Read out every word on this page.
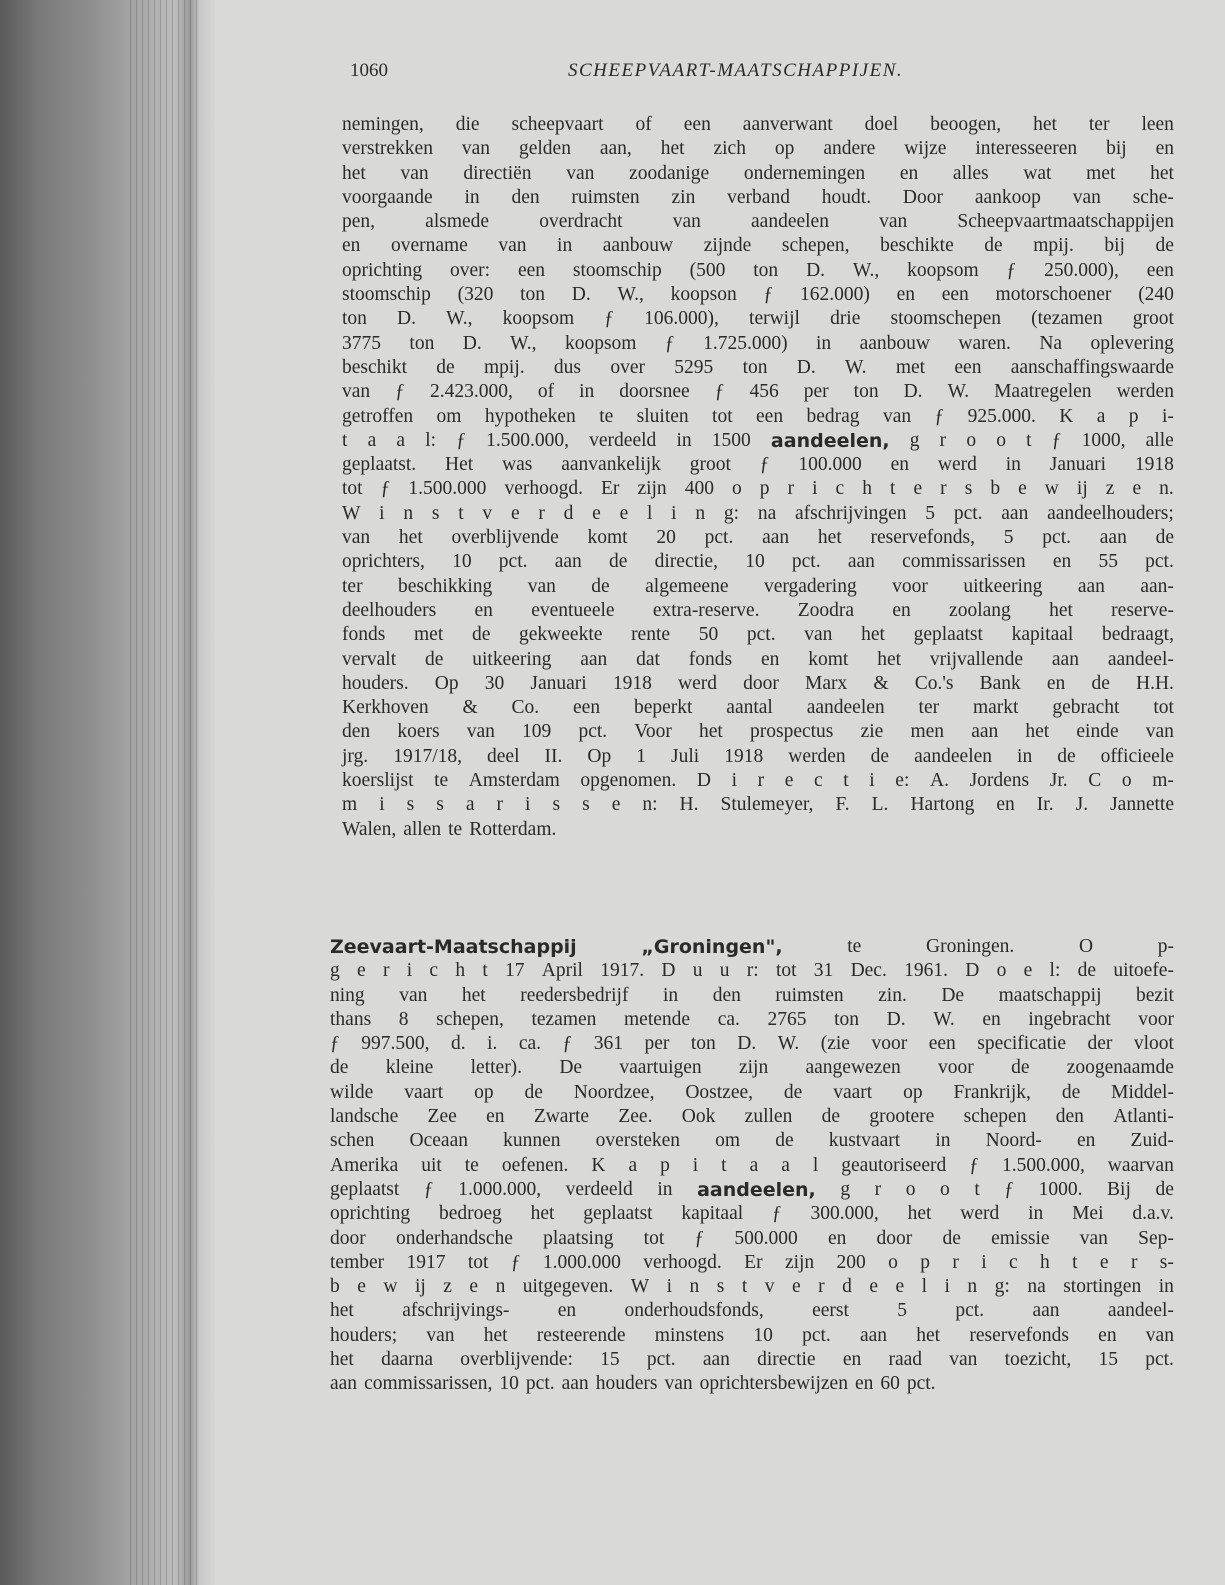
1060	SCHEEPVAART-MAATSCHAPPIJEN.
nemingen, die scheepvaart of een aanverwant doel beoogen, het ter leen
verstrekken van gelden aan, het zich op andere wijze interesseeren bij en
het van directiën van zoodanige ondernemingen en alles wat met het
voorgaande in den ruimsten zin verband houdt. Door aankoop van sche-
pen,	alsmede	overdracht	van	aandeelen	van	Scheepvaartmaatschappijen
en overname van in aanbouw zijnde schepen, beschikte de mpij. bij de
oprichting over: een stoomschip (500 ton D. W., koopsom ƒ 250.000), een
stoomschip (320 ton D. W., koopson ƒ 162.000) en een motorschoener (240
ton D. W., koopsom ƒ 106.000), terwijl drie stoomschepen (tezamen groot
3775 ton D. W., koopsom ƒ 1.725.000) in aanbouw waren. Na oplevering
beschikt de mpij. dus over 5295 ton D. W. met een aanschaffingswaarde
van ƒ 2.423.000, of in doorsnee ƒ 456 per ton D. W. Maatregelen werden
getroffen om hypotheken te sluiten tot een bedrag van ƒ 925.000. K a p i-
t a a l: ƒ 1.500.000, verdeeld in 1500 aandeelen, g r o o t ƒ 1000, alle
geplaatst. Het was aanvankelijk groot ƒ 100.000 en werd in Januari 1918
tot ƒ 1.500.000 verhoogd. Er zijn 400 o p r i c h t e r s b e w ij z e n.
W i n s t v e r d e e l i n g: na afschrijvingen 5 pct. aan aandeelhouders;
van het overblijvende komt 20 pct. aan het reservefonds, 5 pct. aan de
oprichters, 10 pct. aan de directie, 10 pct. aan commissarissen en 55 pct.
ter beschikking van de algemeene vergadering voor uitkeering aan aan-
deelhouders en eventueele extra-reserve. Zoodra en zoolang het reserve-
fonds met de gekweekte rente 50 pct. van het geplaatst kapitaal bedraagt,
vervalt de uitkeering aan dat fonds en komt het vrijvallende aan aandeel-
houders. Op 30 Januari 1918 werd door Marx & Co.'s Bank en de H.H.
Kerkhoven & Co. een beperkt aantal aandeelen ter markt gebracht tot
den koers van 109 pct. Voor het prospectus zie men aan het einde van
jrg. 1917/18, deel II. Op 1 Juli 1918 werden de aandeelen in de officieele
koerslijst te Amsterdam opgenomen. D i r e c t i e: A. Jordens Jr. C o m-
m i s s a r i s s e n: H. Stulemeyer, F. L. Hartong en Ir. J. Jannette
Walen, allen te Rotterdam.
Zeevaart-Maatschappij	„Groningen",	te	Groningen.	O	p-
g e r i c h t 17 April 1917. D u u r: tot 31 Dec. 1961. D o e l: de uitoefe-
ning van het reedersbedrijf in den ruimsten zin. De maatschappij bezit
thans 8 schepen, tezamen metende ca. 2765 ton D. W. en ingebracht voor
ƒ 997.500, d. i. ca. ƒ 361 per ton D. W. (zie voor een specificatie der vloot
de kleine letter). De vaartuigen zijn aangewezen voor de zoogenaamde
wilde vaart op de Noordzee, Oostzee, de vaart op Frankrijk, de Middel-
landsche Zee en Zwarte Zee. Ook zullen de grootere schepen den Atlanti-
schen Oceaan kunnen oversteken om de kustvaart in Noord- en Zuid-
Amerika uit te oefenen. K a p i t a a l geautoriseerd ƒ 1.500.000, waarvan
geplaatst ƒ 1.000.000, verdeeld in aandeelen, g r o o t ƒ 1000. Bij de
oprichting bedroeg het geplaatst kapitaal ƒ 300.000, het werd in Mei d.a.v.
door onderhandsche plaatsing tot ƒ 500.000 en door de emissie van Sep-
tember 1917 tot ƒ 1.000.000 verhoogd. Er zijn 200 o p r i c h t e r s-
b e w ij z e n uitgegeven. W i n s t v e r d e e l i n g: na stortingen in
het afschrijvings- en onderhoudsfonds, eerst 5 pct. aan aandeel-
houders; van het resteerende minstens 10 pct. aan het reservefonds en van
het daarna overblijvende: 15 pct. aan directie en raad van toezicht, 15 pct.
aan commissarissen, 10 pct. aan houders van oprichtersbewijzen en 60 pct.
